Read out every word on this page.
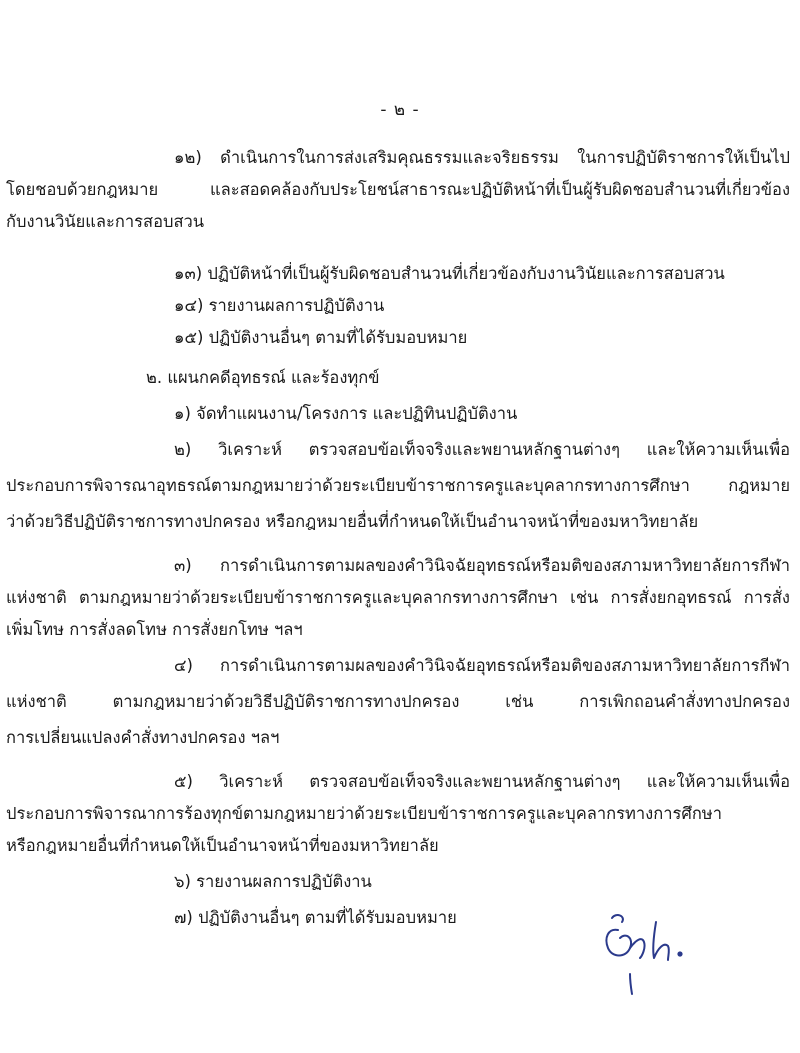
- ๒ -
๑๒) ดำเนินการในการส่งเสริมคุณธรรมและจริยธรรม ในการปฏิบัติราชการให้เป็นไป
โดยชอบด้วยกฎหมาย และสอดคล้องกับประโยชน์สาธารณะปฏิบัติหน้าที่เป็นผู้รับผิดชอบสำนวนที่เกี่ยวข้อง
กับงานวินัยและการสอบสวน
๑๓) ปฏิบัติหน้าที่เป็นผู้รับผิดชอบสำนวนที่เกี่ยวข้องกับงานวินัยและการสอบสวน
๑๔) รายงานผลการปฏิบัติงาน
๑๕) ปฏิบัติงานอื่นๆ ตามที่ได้รับมอบหมาย
๒. แผนกคดีอุทธรณ์ และร้องทุกข์
๑) จัดทำแผนงาน/โครงการ และปฏิทินปฏิบัติงาน
๒) วิเคราะห์ ตรวจสอบข้อเท็จจริงและพยานหลักฐานต่างๆ และให้ความเห็นเพื่อ
ประกอบการพิจารณาอุทธรณ์ตามกฎหมายว่าด้วยระเบียบข้าราชการครูและบุคลากรทางการศึกษา กฎหมาย
ว่าด้วยวิธีปฏิบัติราชการทางปกครอง หรือกฎหมายอื่นที่กำหนดให้เป็นอำนาจหน้าที่ของมหาวิทยาลัย
๓) การดำเนินการตามผลของคำวินิจฉัยอุทธรณ์หรือมติของสภามหาวิทยาลัยการกีฬา
แห่งชาติ ตามกฎหมายว่าด้วยระเบียบข้าราชการครูและบุคลากรทางการศึกษา เช่น การสั่งยกอุทธรณ์ การสั่ง
เพิ่มโทษ การสั่งลดโทษ การสั่งยกโทษ ฯลฯ
๔) การดำเนินการตามผลของคำวินิจฉัยอุทธรณ์หรือมติของสภามหาวิทยาลัยการกีฬา
แห่งชาติ ตามกฎหมายว่าด้วยวิธีปฏิบัติราชการทางปกครอง เช่น การเพิกถอนคำสั่งทางปกครอง
การเปลี่ยนแปลงคำสั่งทางปกครอง ฯลฯ
๕) วิเคราะห์ ตรวจสอบข้อเท็จจริงและพยานหลักฐานต่างๆ และให้ความเห็นเพื่อ
ประกอบการพิจารณาการร้องทุกข์ตามกฎหมายว่าด้วยระเบียบข้าราชการครูและบุคลากรทางการศึกษา
หรือกฎหมายอื่นที่กำหนดให้เป็นอำนาจหน้าที่ของมหาวิทยาลัย
๖) รายงานผลการปฏิบัติงาน
๗) ปฏิบัติงานอื่นๆ ตามที่ได้รับมอบหมาย
